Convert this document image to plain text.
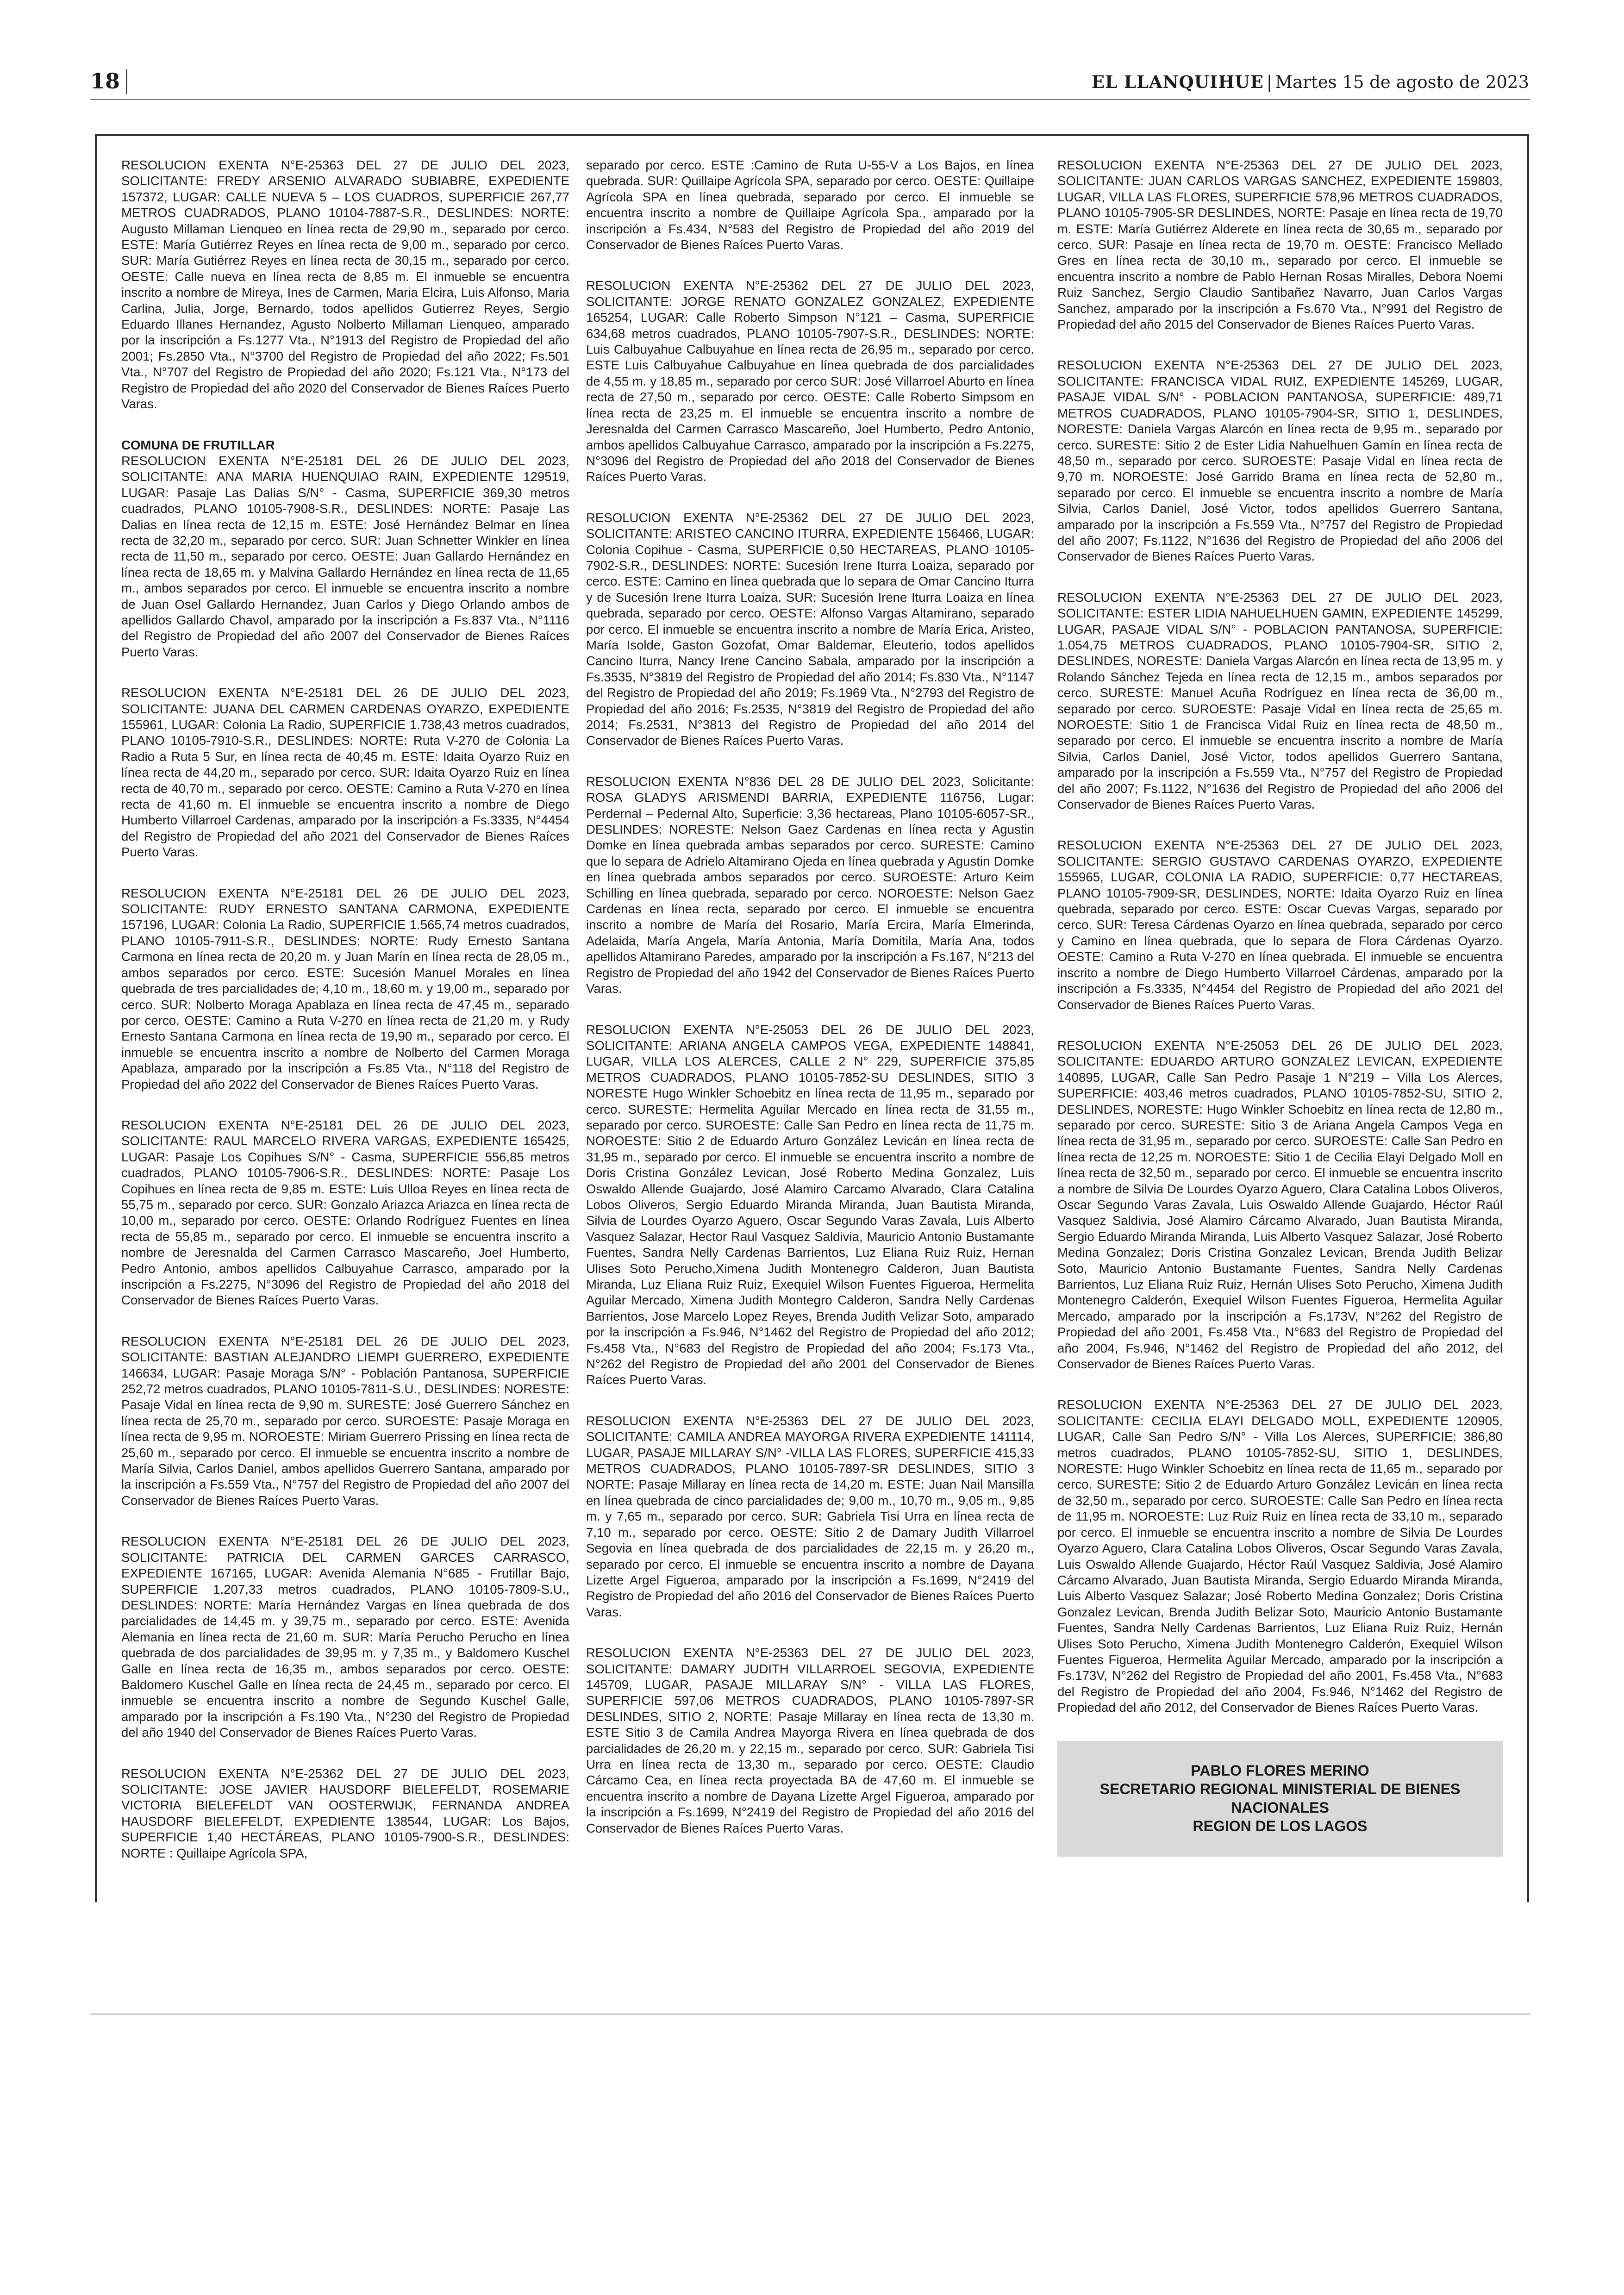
18	EL LLANQUIHUE | Martes 15 de agosto de 2023

RESOLUCION EXENTA N°E-25363 DEL 27 DE JULIO DEL 2023, SOLICITANTE: FREDY ARSENIO ALVARADO SUBIABRE, EXPEDIENTE 157372, LUGAR: CALLE NUEVA 5 – LOS CUADROS, SUPERFICIE 267,77 METROS CUADRADOS, PLANO 10104-7887-S.R., DESLINDES: NORTE: Augusto Millaman Lienqueo en línea recta de 29,90 m., separado por cerco. ESTE: María Gutiérrez Reyes en línea recta de 9,00 m., separado por cerco. SUR: María Gutiérrez Reyes en línea recta de 30,15 m., separado por cerco. OESTE: Calle nueva en línea recta de 8,85 m. El inmueble se encuentra inscrito a nombre de Mireya, Ines de Carmen, Maria Elcira, Luis Alfonso, Maria Carlina, Julia, Jorge, Bernardo, todos apellidos Gutierrez Reyes, Sergio Eduardo Illanes Hernandez, Agusto Nolberto Millaman Lienqueo, amparado por la inscripción a Fs.1277 Vta., N°1913 del Registro de Propiedad del año 2001; Fs.2850 Vta., N°3700 del Registro de Propiedad del año 2022; Fs.501 Vta., N°707 del Registro de Propiedad del año 2020; Fs.121 Vta., N°173 del Registro de Propiedad del año 2020 del Conservador de Bienes Raíces Puerto Varas.

COMUNA DE FRUTILLAR

RESOLUCION EXENTA N°E-25181 DEL 26 DE JULIO DEL 2023, SOLICITANTE: ANA MARIA HUENQUIAO RAIN, EXPEDIENTE 129519, LUGAR: Pasaje Las Dalias S/N° - Casma, SUPERFICIE 369,30 metros cuadrados, PLANO 10105-7908-S.R., DESLINDES: NORTE: Pasaje Las Dalias en línea recta de 12,15 m. ESTE: José Hernández Belmar en línea recta de 32,20 m., separado por cerco. SUR: Juan Schnetter Winkler en línea recta de 11,50 m., separado por cerco. OESTE: Juan Gallardo Hernández en línea recta de 18,65 m. y Malvina Gallardo Hernández en línea recta de 11,65 m., ambos separados por cerco. El inmueble se encuentra inscrito a nombre de Juan Osel Gallardo Hernandez, Juan Carlos y Diego Orlando ambos de apellidos Gallardo Chavol, amparado por la inscripción a Fs.837 Vta., N°1116 del Registro de Propiedad del año 2007 del Conservador de Bienes Raíces Puerto Varas.

RESOLUCION EXENTA N°E-25181 DEL 26 DE JULIO DEL 2023, SOLICITANTE: JUANA DEL CARMEN CARDENAS OYARZO, EXPEDIENTE 155961, LUGAR: Colonia La Radio, SUPERFICIE 1.738,43 metros cuadrados, PLANO 10105-7910-S.R., DESLINDES: NORTE: Ruta V-270 de Colonia La Radio a Ruta 5 Sur, en línea recta de 40,45 m. ESTE: Idaita Oyarzo Ruiz en línea recta de 44,20 m., separado por cerco. SUR: Idaita Oyarzo Ruiz en línea recta de 40,70 m., separado por cerco. OESTE: Camino a Ruta V-270 en línea recta de 41,60 m. El inmueble se encuentra inscrito a nombre de Diego Humberto Villarroel Cardenas, amparado por la inscripción a Fs.3335, N°4454 del Registro de Propiedad del año 2021 del Conservador de Bienes Raíces Puerto Varas.

RESOLUCION EXENTA N°E-25181 DEL 26 DE JULIO DEL 2023, SOLICITANTE: RUDY ERNESTO SANTANA CARMONA, EXPEDIENTE 157196, LUGAR: Colonia La Radio, SUPERFICIE 1.565,74 metros cuadrados, PLANO 10105-7911-S.R., DESLINDES: NORTE: Rudy Ernesto Santana Carmona en línea recta de 20,20 m. y Juan Marín en línea recta de 28,05 m., ambos separados por cerco. ESTE: Sucesión Manuel Morales en línea quebrada de tres parcialidades de; 4,10 m., 18,60 m. y 19,00 m., separado por cerco. SUR: Nolberto Moraga Apablaza en línea recta de 47,45 m., separado por cerco. OESTE: Camino a Ruta V-270 en línea recta de 21,20 m. y Rudy Ernesto Santana Carmona en línea recta de 19,90 m., separado por cerco. El inmueble se encuentra inscrito a nombre de Nolberto del Carmen Moraga Apablaza, amparado por la inscripción a Fs.85 Vta., N°118 del Registro de Propiedad del año 2022 del Conservador de Bienes Raíces Puerto Varas.

RESOLUCION EXENTA N°E-25181 DEL 26 DE JULIO DEL 2023, SOLICITANTE: RAUL MARCELO RIVERA VARGAS, EXPEDIENTE 165425, LUGAR: Pasaje Los Copihues S/N° - Casma, SUPERFICIE 556,85 metros cuadrados, PLANO 10105-7906-S.R., DESLINDES: NORTE: Pasaje Los Copihues en línea recta de 9,85 m. ESTE: Luis Ulloa Reyes en línea recta de 55,75 m., separado por cerco. SUR: Gonzalo Ariazca Ariazca en línea recta de 10,00 m., separado por cerco. OESTE: Orlando Rodríguez Fuentes en línea recta de 55,85 m., separado por cerco. El inmueble se encuentra inscrito a nombre de Jeresnalda del Carmen Carrasco Mascareño, Joel Humberto, Pedro Antonio, ambos apellidos Calbuyahue Carrasco, amparado por la inscripción a Fs.2275, N°3096 del Registro de Propiedad del año 2018 del Conservador de Bienes Raíces Puerto Varas.

RESOLUCION EXENTA N°E-25181 DEL 26 DE JULIO DEL 2023, SOLICITANTE: BASTIAN ALEJANDRO LIEMPI GUERRERO, EXPEDIENTE 146634, LUGAR: Pasaje Moraga S/N° - Población Pantanosa, SUPERFICIE 252,72 metros cuadrados, PLANO 10105-7811-S.U., DESLINDES: NORESTE: Pasaje Vidal en línea recta de 9,90 m. SURESTE: José Guerrero Sánchez en línea recta de 25,70 m., separado por cerco. SUROESTE: Pasaje Moraga en línea recta de 9,95 m. NOROESTE: Miriam Guerrero Prissing en línea recta de 25,60 m., separado por cerco. El inmueble se encuentra inscrito a nombre de María Silvia, Carlos Daniel, ambos apellidos Guerrero Santana, amparado por la inscripción a Fs.559 Vta., N°757 del Registro de Propiedad del año 2007 del Conservador de Bienes Raíces Puerto Varas.

RESOLUCION EXENTA N°E-25181 DEL 26 DE JULIO DEL 2023, SOLICITANTE: PATRICIA DEL CARMEN GARCES CARRASCO, EXPEDIENTE 167165, LUGAR: Avenida Alemania N°685 - Frutillar Bajo, SUPERFICIE 1.207,33 metros cuadrados, PLANO 10105-7809-S.U., DESLINDES: NORTE: María Hernández Vargas en línea quebrada de dos parcialidades de 14,45 m. y 39,75 m., separado por cerco. ESTE: Avenida Alemania en línea recta de 21,60 m. SUR: María Perucho Perucho en línea quebrada de dos parcialidades de 39,95 m. y 7,35 m., y Baldomero Kuschel Galle en línea recta de 16,35 m., ambos separados por cerco. OESTE: Baldomero Kuschel Galle en línea recta de 24,45 m., separado por cerco. El inmueble se encuentra inscrito a nombre de Segundo Kuschel Galle, amparado por la inscripción a Fs.190 Vta., N°230 del Registro de Propiedad del año 1940 del Conservador de Bienes Raíces Puerto Varas.

RESOLUCION EXENTA N°E-25362 DEL 27 DE JULIO DEL 2023, SOLICITANTE: JOSE JAVIER HAUSDORF BIELEFELDT, ROSEMARIE VICTORIA BIELEFELDT VAN OOSTERWIJK, FERNANDA ANDREA HAUSDORF BIELEFELDT, EXPEDIENTE 138544, LUGAR: Los Bajos, SUPERFICIE 1,40 HECTÁREAS, PLANO 10105-7900-S.R., DESLINDES: NORTE : Quillaipe Agrícola SPA,

separado por cerco. ESTE :Camino de Ruta U-55-V a Los Bajos, en línea quebrada. SUR: Quillaipe Agrícola SPA, separado por cerco. OESTE: Quillaipe Agrícola SPA en línea quebrada, separado por cerco. El inmueble se encuentra inscrito a nombre de Quillaipe Agrícola Spa., amparado por la inscripción a Fs.434, N°583 del Registro de Propiedad del año 2019 del Conservador de Bienes Raíces Puerto Varas.

RESOLUCION EXENTA N°E-25362 DEL 27 DE JULIO DEL 2023, SOLICITANTE: JORGE RENATO GONZALEZ GONZALEZ, EXPEDIENTE 165254, LUGAR: Calle Roberto Simpson N°121 – Casma, SUPERFICIE 634,68 metros cuadrados, PLANO 10105-7907-S.R., DESLINDES: NORTE: Luis Calbuyahue Calbuyahue en línea recta de 26,95 m., separado por cerco. ESTE Luis Calbuyahue Calbuyahue en línea quebrada de dos parcialidades de 4,55 m. y 18,85 m., separado por cerco SUR: José Villarroel Aburto en línea recta de 27,50 m., separado por cerco. OESTE: Calle Roberto Simpsom en línea recta de 23,25 m. El inmueble se encuentra inscrito a nombre de Jeresnalda del Carmen Carrasco Mascareño, Joel Humberto, Pedro Antonio, ambos apellidos Calbuyahue Carrasco, amparado por la inscripción a Fs.2275, N°3096 del Registro de Propiedad del año 2018 del Conservador de Bienes Raíces Puerto Varas.

RESOLUCION EXENTA N°E-25362 DEL 27 DE JULIO DEL 2023, SOLICITANTE: ARISTEO CANCINO ITURRA, EXPEDIENTE 156466, LUGAR: Colonia Copihue - Casma, SUPERFICIE 0,50 HECTAREAS, PLANO 10105-7902-S.R., DESLINDES: NORTE: Sucesión Irene Iturra Loaiza, separado por cerco. ESTE: Camino en línea quebrada que lo separa de Omar Cancino Iturra y de Sucesión Irene Iturra Loaiza. SUR: Sucesión Irene Iturra Loaiza en línea quebrada, separado por cerco. OESTE: Alfonso Vargas Altamirano, separado por cerco. El inmueble se encuentra inscrito a nombre de María Erica, Aristeo, María Isolde, Gaston Gozofat, Omar Baldemar, Eleuterio, todos apellidos Cancino Iturra, Nancy Irene Cancino Sabala, amparado por la inscripción a Fs.3535, N°3819 del Registro de Propiedad del año 2014; Fs.830 Vta., N°1147 del Registro de Propiedad del año 2019; Fs.1969 Vta., N°2793 del Registro de Propiedad del año 2016; Fs.2535, N°3819 del Registro de Propiedad del año 2014; Fs.2531, N°3813 del Registro de Propiedad del año 2014 del Conservador de Bienes Raíces Puerto Varas.

RESOLUCION EXENTA N°836 DEL 28 DE JULIO DEL 2023, Solicitante: ROSA GLADYS ARISMENDI BARRIA, EXPEDIENTE 116756, Lugar: Perdernal – Pedernal Alto, Superficie: 3,36 hectareas, Plano 10105-6057-SR., DESLINDES: NORESTE: Nelson Gaez Cardenas en línea recta y Agustin Domke en línea quebrada ambas separados por cerco. SURESTE: Camino que lo separa de Adrielo Altamirano Ojeda en línea quebrada y Agustin Domke en línea quebrada ambos separados por cerco. SUROESTE: Arturo Keim Schilling en línea quebrada, separado por cerco. NOROESTE: Nelson Gaez Cardenas en línea recta, separado por cerco. El inmueble se encuentra inscrito a nombre de María del Rosario, María Ercira, María Elmerinda, Adelaida, María Angela, María Antonia, María Domitila, María Ana, todos apellidos Altamirano Paredes, amparado por la inscripción a Fs.167, N°213 del Registro de Propiedad del año 1942 del Conservador de Bienes Raíces Puerto Varas.

RESOLUCION EXENTA N°E-25053 DEL 26 DE JULIO DEL 2023, SOLICITANTE: ARIANA ANGELA CAMPOS VEGA, EXPEDIENTE 148841, LUGAR, VILLA LOS ALERCES, CALLE 2 N° 229, SUPERFICIE 375,85 METROS CUADRADOS, PLANO 10105-7852-SU DESLINDES, SITIO 3 NORESTE Hugo Winkler Schoebitz en línea recta de 11,95 m., separado por cerco. SURESTE: Hermelita Aguilar Mercado en línea recta de 31,55 m., separado por cerco. SUROESTE: Calle San Pedro en línea recta de 11,75 m. NOROESTE: Sitio 2 de Eduardo Arturo González Levicán en línea recta de 31,95 m., separado por cerco. El inmueble se encuentra inscrito a nombre de Doris Cristina González Levican, José Roberto Medina Gonzalez, Luis Oswaldo Allende Guajardo, José Alamiro Carcamo Alvarado, Clara Catalina Lobos Oliveros, Sergio Eduardo Miranda Miranda, Juan Bautista Miranda, Silvia de Lourdes Oyarzo Aguero, Oscar Segundo Varas Zavala, Luis Alberto Vasquez Salazar, Hector Raul Vasquez Saldivia, Mauricio Antonio Bustamante Fuentes, Sandra Nelly Cardenas Barrientos, Luz Eliana Ruiz Ruiz, Hernan Ulises Soto Perucho,Ximena Judith Montenegro Calderon, Juan Bautista Miranda, Luz Eliana Ruiz Ruiz, Exequiel Wilson Fuentes Figueroa, Hermelita Aguilar Mercado, Ximena Judith Montegro Calderon, Sandra Nelly Cardenas Barrientos, Jose Marcelo Lopez Reyes, Brenda Judith Velizar Soto, amparado por la inscripción a Fs.946, N°1462 del Registro de Propiedad del año 2012; Fs.458 Vta., N°683 del Registro de Propiedad del año 2004; Fs.173 Vta., N°262 del Registro de Propiedad del año 2001 del Conservador de Bienes Raíces Puerto Varas.

RESOLUCION EXENTA N°E-25363 DEL 27 DE JULIO DEL 2023, SOLICITANTE: CAMILA ANDREA MAYORGA RIVERA EXPEDIENTE 141114, LUGAR, PASAJE MILLARAY S/N° -VILLA LAS FLORES, SUPERFICIE 415,33 METROS CUADRADOS, PLANO 10105-7897-SR DESLINDES, SITIO 3 NORTE: Pasaje Millaray en línea recta de 14,20 m. ESTE: Juan Nail Mansilla en línea quebrada de cinco parcialidades de; 9,00 m., 10,70 m., 9,05 m., 9,85 m. y 7,65 m., separado por cerco. SUR: Gabriela Tisi Urra en línea recta de 7,10 m., separado por cerco. OESTE: Sitio 2 de Damary Judith Villarroel Segovia en línea quebrada de dos parcialidades de 22,15 m. y 26,20 m., separado por cerco. El inmueble se encuentra inscrito a nombre de Dayana Lizette Argel Figueroa, amparado por la inscripción a Fs.1699, N°2419 del Registro de Propiedad del año 2016 del Conservador de Bienes Raíces Puerto Varas.

RESOLUCION EXENTA N°E-25363 DEL 27 DE JULIO DEL 2023, SOLICITANTE: DAMARY JUDITH VILLARROEL SEGOVIA, EXPEDIENTE 145709, LUGAR, PASAJE MILLARAY S/N° - VILLA LAS FLORES, SUPERFICIE 597,06 METROS CUADRADOS, PLANO 10105-7897-SR DESLINDES, SITIO 2, NORTE: Pasaje Millaray en línea recta de 13,30 m. ESTE Sitio 3 de Camila Andrea Mayorga Rivera en línea quebrada de dos parcialidades de 26,20 m. y 22,15 m., separado por cerco. SUR: Gabriela Tisi Urra en línea recta de 13,30 m., separado por cerco. OESTE: Claudio Cárcamo Cea, en línea recta proyectada BA de 47,60 m. El inmueble se encuentra inscrito a nombre de Dayana Lizette Argel Figueroa, amparado por la inscripción a Fs.1699, N°2419 del Registro de Propiedad del año 2016 del Conservador de Bienes Raíces Puerto Varas.

RESOLUCION EXENTA N°E-25363 DEL 27 DE JULIO DEL 2023, SOLICITANTE: JUAN CARLOS VARGAS SANCHEZ, EXPEDIENTE 159803, LUGAR, VILLA LAS FLORES, SUPERFICIE 578,96 METROS CUADRADOS, PLANO 10105-7905-SR DESLINDES, NORTE: Pasaje en línea recta de 19,70 m. ESTE: María Gutiérrez Alderete en línea recta de 30,65 m., separado por cerco. SUR: Pasaje en línea recta de 19,70 m. OESTE: Francisco Mellado Gres en línea recta de 30,10 m., separado por cerco. El inmueble se encuentra inscrito a nombre de Pablo Hernan Rosas Miralles, Debora Noemi Ruiz Sanchez, Sergio Claudio Santibañez Navarro, Juan Carlos Vargas Sanchez, amparado por la inscripción a Fs.670 Vta., N°991 del Registro de Propiedad del año 2015 del Conservador de Bienes Raíces Puerto Varas.

RESOLUCION EXENTA N°E-25363 DEL 27 DE JULIO DEL 2023, SOLICITANTE: FRANCISCA VIDAL RUIZ, EXPEDIENTE 145269, LUGAR, PASAJE VIDAL S/N° - POBLACION PANTANOSA, SUPERFICIE: 489,71 METROS CUADRADOS, PLANO 10105-7904-SR, SITIO 1, DESLINDES, NORESTE: Daniela Vargas Alarcón en línea recta de 9,95 m., separado por cerco. SURESTE: Sitio 2 de Ester Lidia Nahuelhuen Gamín en línea recta de 48,50 m., separado por cerco. SUROESTE: Pasaje Vidal en línea recta de 9,70 m. NOROESTE: José Garrido Brama en línea recta de 52,80 m., separado por cerco. El inmueble se encuentra inscrito a nombre de María Silvia, Carlos Daniel, José Victor, todos apellidos Guerrero Santana, amparado por la inscripción a Fs.559 Vta., N°757 del Registro de Propiedad del año 2007; Fs.1122, N°1636 del Registro de Propiedad del año 2006 del Conservador de Bienes Raíces Puerto Varas.

RESOLUCION EXENTA N°E-25363 DEL 27 DE JULIO DEL 2023, SOLICITANTE: ESTER LIDIA NAHUELHUEN GAMIN, EXPEDIENTE 145299, LUGAR, PASAJE VIDAL S/N° - POBLACION PANTANOSA, SUPERFICIE: 1.054,75 METROS CUADRADOS, PLANO 10105-7904-SR, SITIO 2, DESLINDES, NORESTE: Daniela Vargas Alarcón en línea recta de 13,95 m. y Rolando Sánchez Tejeda en línea recta de 12,15 m., ambos separados por cerco. SURESTE: Manuel Acuña Rodríguez en línea recta de 36,00 m., separado por cerco. SUROESTE: Pasaje Vidal en línea recta de 25,65 m. NOROESTE: Sitio 1 de Francisca Vidal Ruiz en línea recta de 48,50 m., separado por cerco. El inmueble se encuentra inscrito a nombre de María Silvia, Carlos Daniel, José Victor, todos apellidos Guerrero Santana, amparado por la inscripción a Fs.559 Vta., N°757 del Registro de Propiedad del año 2007; Fs.1122, N°1636 del Registro de Propiedad del año 2006 del Conservador de Bienes Raíces Puerto Varas.

RESOLUCION EXENTA N°E-25363 DEL 27 DE JULIO DEL 2023, SOLICITANTE: SERGIO GUSTAVO CARDENAS OYARZO, EXPEDIENTE 155965, LUGAR, COLONIA LA RADIO, SUPERFICIE: 0,77 HECTAREAS, PLANO 10105-7909-SR, DESLINDES, NORTE: Idaita Oyarzo Ruiz en línea quebrada, separado por cerco. ESTE: Oscar Cuevas Vargas, separado por cerco. SUR: Teresa Cárdenas Oyarzo en línea quebrada, separado por cerco y Camino en línea quebrada, que lo separa de Flora Cárdenas Oyarzo. OESTE: Camino a Ruta V-270 en línea quebrada. El inmueble se encuentra inscrito a nombre de Diego Humberto Villarroel Cárdenas, amparado por la inscripción a Fs.3335, N°4454 del Registro de Propiedad del año 2021 del Conservador de Bienes Raíces Puerto Varas.

RESOLUCION EXENTA N°E-25053 DEL 26 DE JULIO DEL 2023, SOLICITANTE: EDUARDO ARTURO GONZALEZ LEVICAN, EXPEDIENTE 140895, LUGAR, Calle San Pedro Pasaje 1 N°219 – Villa Los Alerces, SUPERFICIE: 403,46 metros cuadrados, PLANO 10105-7852-SU, SITIO 2, DESLINDES, NORESTE: Hugo Winkler Schoebitz en línea recta de 12,80 m., separado por cerco. SURESTE: Sitio 3 de Ariana Angela Campos Vega en línea recta de 31,95 m., separado por cerco. SUROESTE: Calle San Pedro en línea recta de 12,25 m. NOROESTE: Sitio 1 de Cecilia Elayi Delgado Moll en línea recta de 32,50 m., separado por cerco. El inmueble se encuentra inscrito a nombre de Silvia De Lourdes Oyarzo Aguero, Clara Catalina Lobos Oliveros, Oscar Segundo Varas Zavala, Luis Oswaldo Allende Guajardo, Héctor Raúl Vasquez Saldivia, José Alamiro Cárcamo Alvarado, Juan Bautista Miranda, Sergio Eduardo Miranda Miranda, Luis Alberto Vasquez Salazar, José Roberto Medina Gonzalez; Doris Cristina Gonzalez Levican, Brenda Judith Belizar Soto, Mauricio Antonio Bustamante Fuentes, Sandra Nelly Cardenas Barrientos, Luz Eliana Ruiz Ruiz, Hernán Ulises Soto Perucho, Ximena Judith Montenegro Calderón, Exequiel Wilson Fuentes Figueroa, Hermelita Aguilar Mercado, amparado por la inscripción a Fs.173V, N°262 del Registro de Propiedad del año 2001, Fs.458 Vta., N°683 del Registro de Propiedad del año 2004, Fs.946, N°1462 del Registro de Propiedad del año 2012, del Conservador de Bienes Raíces Puerto Varas.

RESOLUCION EXENTA N°E-25363 DEL 27 DE JULIO DEL 2023, SOLICITANTE: CECILIA ELAYI DELGADO MOLL, EXPEDIENTE 120905, LUGAR, Calle San Pedro S/N° - Villa Los Alerces, SUPERFICIE: 386,80 metros cuadrados, PLANO 10105-7852-SU, SITIO 1, DESLINDES, NORESTE: Hugo Winkler Schoebitz en línea recta de 11,65 m., separado por cerco. SURESTE: Sitio 2 de Eduardo Arturo González Levicán en línea recta de 32,50 m., separado por cerco. SUROESTE: Calle San Pedro en línea recta de 11,95 m. NOROESTE: Luz Ruiz Ruiz en línea recta de 33,10 m., separado por cerco. El inmueble se encuentra inscrito a nombre de Silvia De Lourdes Oyarzo Aguero, Clara Catalina Lobos Oliveros, Oscar Segundo Varas Zavala, Luis Oswaldo Allende Guajardo, Héctor Raúl Vasquez Saldivia, José Alamiro Cárcamo Alvarado, Juan Bautista Miranda, Sergio Eduardo Miranda Miranda, Luis Alberto Vasquez Salazar; José Roberto Medina Gonzalez; Doris Cristina Gonzalez Levican, Brenda Judith Belizar Soto, Mauricio Antonio Bustamante Fuentes, Sandra Nelly Cardenas Barrientos, Luz Eliana Ruiz Ruiz, Hernán Ulises Soto Perucho, Ximena Judith Montenegro Calderón, Exequiel Wilson Fuentes Figueroa, Hermelita Aguilar Mercado, amparado por la inscripción a Fs.173V, N°262 del Registro de Propiedad del año 2001, Fs.458 Vta., N°683 del Registro de Propiedad del año 2004, Fs.946, N°1462 del Registro de Propiedad del año 2012, del Conservador de Bienes Raíces Puerto Varas.

PABLO FLORES MERINO
SECRETARIO REGIONAL MINISTERIAL DE BIENES NACIONALES
REGION DE LOS LAGOS
